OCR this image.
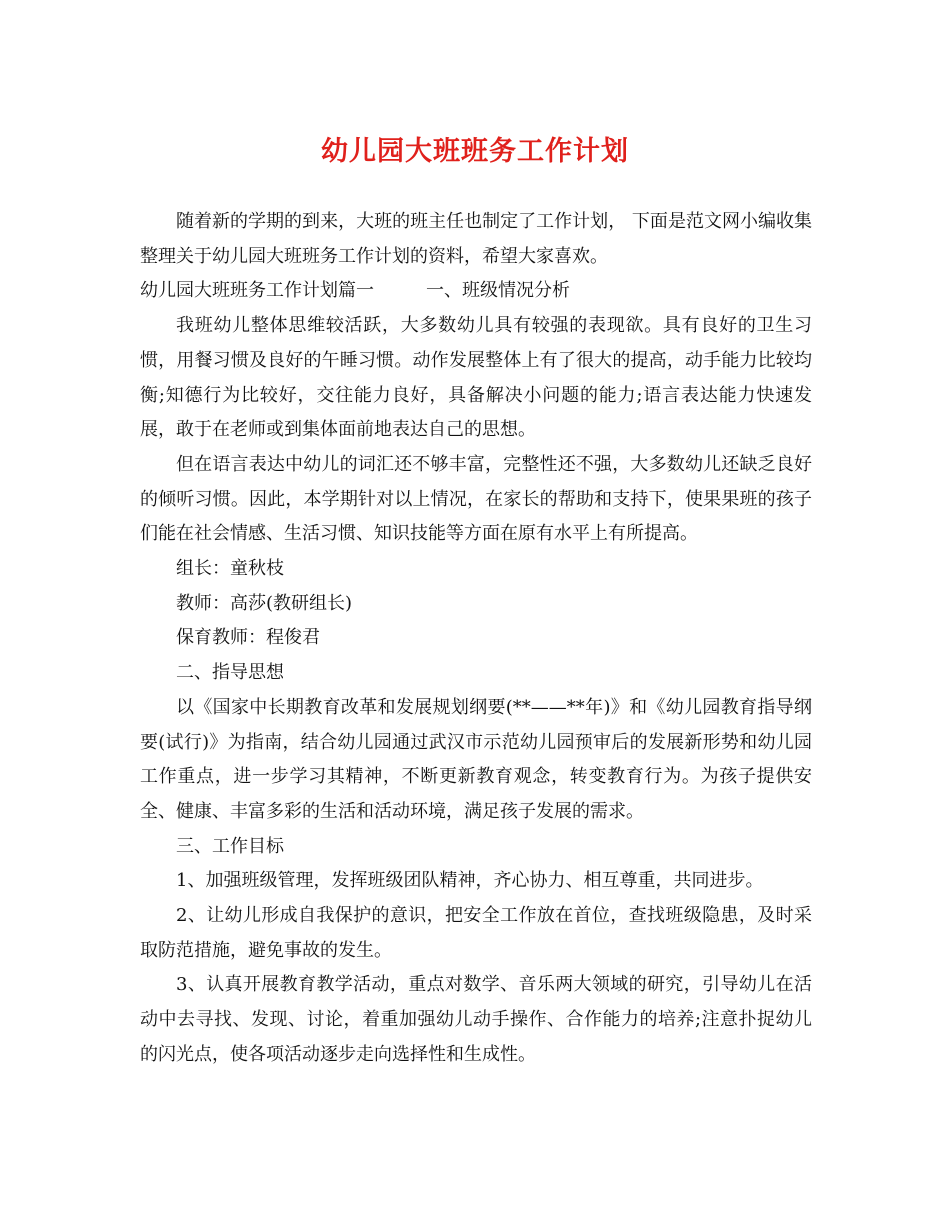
幼儿园大班班务工作计划

随着新的学期的到来，大班的班主任也制定了工作计划， 下面是范文网小编收集整理关于幼儿园大班班务工作计划的资料，希望大家喜欢。

幼儿园大班班务工作计划篇一	一、班级情况分析

我班幼儿整体思维较活跃，大多数幼儿具有较强的表现欲。具有良好的卫生习惯，用餐习惯及良好的午睡习惯。动作发展整体上有了很大的提高，动手能力比较均衡;知德行为比较好，交往能力良好，具备解决小问题的能力;语言表达能力快速发展，敢于在老师或到集体面前地表达自己的思想。

但在语言表达中幼儿的词汇还不够丰富，完整性还不强，大多数幼儿还缺乏良好的倾听习惯。因此，本学期针对以上情况，在家长的帮助和支持下，使果果班的孩子们能在社会情感、生活习惯、知识技能等方面在原有水平上有所提高。

组长：童秋枝

教师：高莎(教研组长)

保育教师：程俊君

二、指导思想

以《国家中长期教育改革和发展规划纲要(**——**年)》和《幼儿园教育指导纲要(试行)》为指南，结合幼儿园通过武汉市示范幼儿园预审后的发展新形势和幼儿园工作重点，进一步学习其精神，不断更新教育观念，转变教育行为。为孩子提供安全、健康、丰富多彩的生活和活动环境，满足孩子发展的需求。

三、工作目标

1、加强班级管理，发挥班级团队精神，齐心协力、相互尊重，共同进步。

2、让幼儿形成自我保护的意识，把安全工作放在首位，查找班级隐患，及时采取防范措施，避免事故的发生。

3、认真开展教育教学活动，重点对数学、音乐两大领域的研究，引导幼儿在活动中去寻找、发现、讨论，着重加强幼儿动手操作、合作能力的培养;注意扑捉幼儿的闪光点，使各项活动逐步走向选择性和生成性。
